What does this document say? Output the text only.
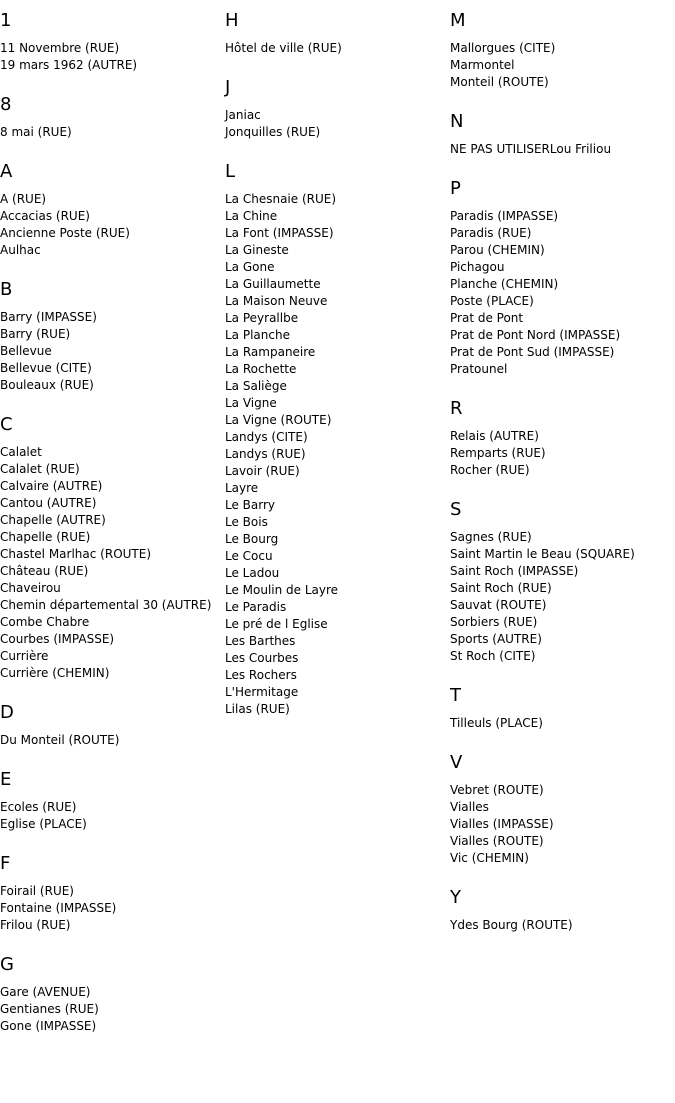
1
11 Novembre (RUE)
19 mars 1962 (AUTRE)
8
8 mai (RUE)
A
A (RUE)
Accacias (RUE)
Ancienne Poste (RUE)
Aulhac
B
Barry (IMPASSE)
Barry (RUE)
Bellevue
Bellevue (CITE)
Bouleaux (RUE)
C
Calalet
Calalet (RUE)
Calvaire (AUTRE)
Cantou (AUTRE)
Chapelle (AUTRE)
Chapelle (RUE)
Chastel Marlhac (ROUTE)
Château (RUE)
Chaveirou
Chemin départemental 30 (AUTRE)
Combe Chabre
Courbes (IMPASSE)
Currière
Currière (CHEMIN)
D
Du Monteil (ROUTE)
E
Ecoles (RUE)
Eglise (PLACE)
F
Foirail (RUE)
Fontaine (IMPASSE)
Frilou (RUE)
G
Gare (AVENUE)
Gentianes (RUE)
Gone (IMPASSE)
H
Hôtel de ville (RUE)
J
Janiac
Jonquilles (RUE)
L
La Chesnaie (RUE)
La Chine
La Font (IMPASSE)
La Gineste
La Gone
La Guillaumette
La Maison Neuve
La Peyrallbe
La Planche
La Rampaneire
La Rochette
La Saliège
La Vigne
La Vigne (ROUTE)
Landys (CITE)
Landys (RUE)
Lavoir (RUE)
Layre
Le Barry
Le Bois
Le Bourg
Le Cocu
Le Ladou
Le Moulin de Layre
Le Paradis
Le pré de l Eglise
Les Barthes
Les Courbes
Les Rochers
L'Hermitage
Lilas (RUE)
M
Mallorgues (CITE)
Marmontel
Monteil (ROUTE)
N
NE PAS UTILISERLou Friliou
P
Paradis (IMPASSE)
Paradis (RUE)
Parou (CHEMIN)
Pichagou
Planche (CHEMIN)
Poste (PLACE)
Prat de Pont
Prat de Pont Nord (IMPASSE)
Prat de Pont Sud (IMPASSE)
Pratounel
R
Relais (AUTRE)
Remparts (RUE)
Rocher (RUE)
S
Sagnes (RUE)
Saint Martin le Beau (SQUARE)
Saint Roch (IMPASSE)
Saint Roch (RUE)
Sauvat (ROUTE)
Sorbiers (RUE)
Sports (AUTRE)
St Roch (CITE)
T
Tilleuls (PLACE)
V
Vebret (ROUTE)
Vialles
Vialles (IMPASSE)
Vialles (ROUTE)
Vic (CHEMIN)
Y
Ydes Bourg (ROUTE)
